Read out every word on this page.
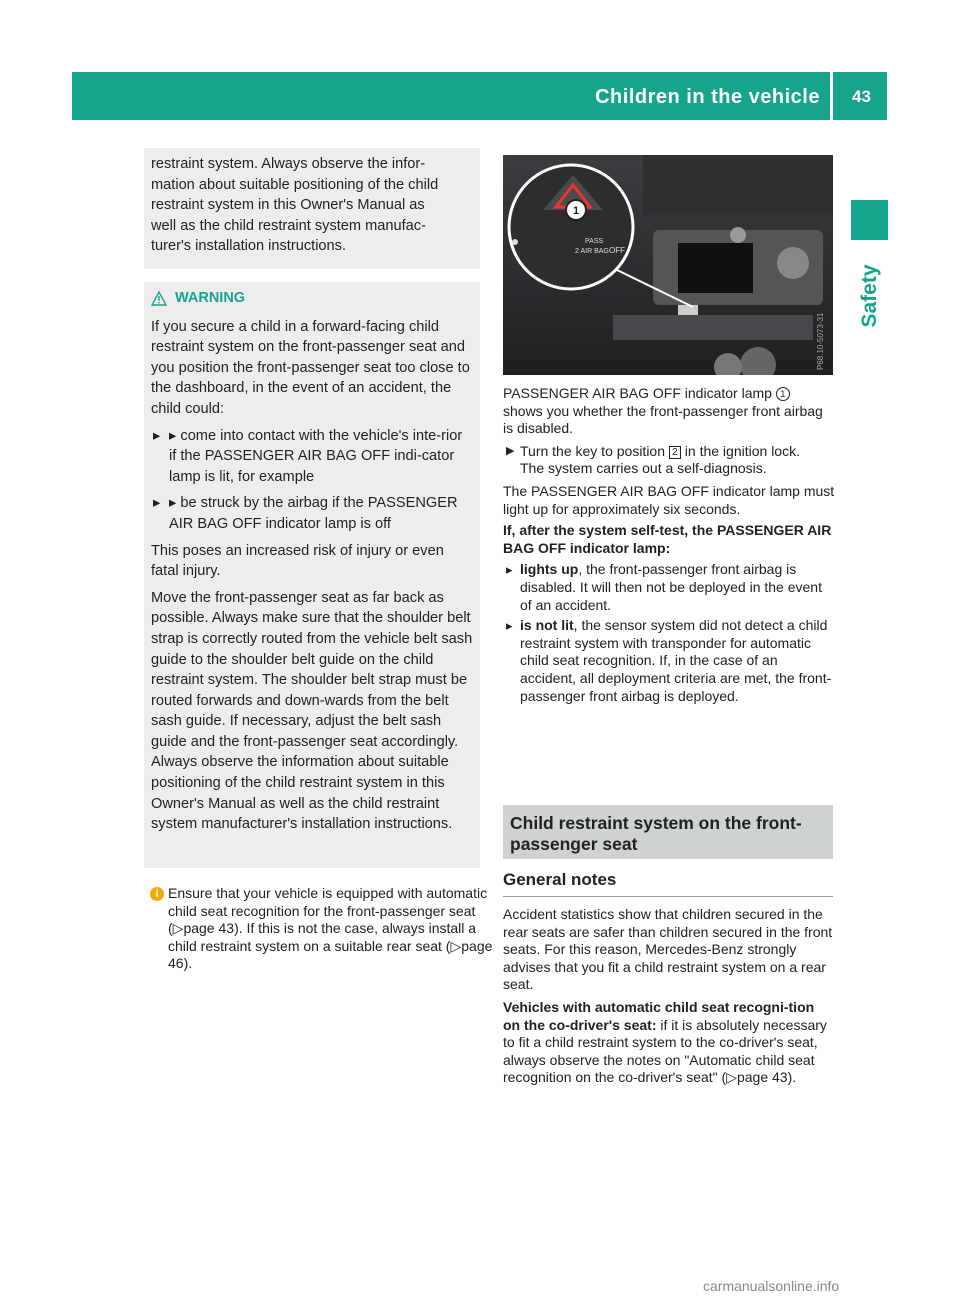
Children in the vehicle	43
Safety

restraint system. Always observe the infor-
mation about suitable positioning of the child
restraint system in this Owner's Manual as
well as the child restraint system manufac-
turer's installation instructions.

WARNING

If you secure a child in a forward-facing child restraint system on the front-passenger seat and you position the front-passenger seat too close to the dashboard, in the event of an accident, the child could:

▸ ▸ come into contact with the vehicle's inte-rior if the PASSENGER AIR BAG OFF indi-cator lamp is lit, for example

▸ ▸ be struck by the airbag if the PASSENGER AIR BAG OFF indicator lamp is off

This poses an increased risk of injury or even fatal injury.

Move the front-passenger seat as far back as possible. Always make sure that the shoulder belt strap is correctly routed from the vehicle belt sash guide to the shoulder belt guide on the child restraint system. The shoulder belt strap must be routed forwards and down-wards from the belt sash guide. If necessary, adjust the belt sash guide and the front-passenger seat accordingly. Always observe the information about suitable positioning of the child restraint system in this Owner's Manual as well as the child restraint system manufacturer's installation instructions.

i Ensure that your vehicle is equipped with automatic child seat recognition for the front-passenger seat (▷page 43). If this is not the case, always install a child restraint system on a suitable rear seat (▷page 46).
P68.10-5073-31
1
PASS
2 AIR BAG OFF

PASSENGER AIR BAG OFF indicator lamp 1
shows you whether the front-passenger front airbag is disabled.

▶ Turn the key to position 2 in the ignition lock.
The system carries out a self-diagnosis.

The PASSENGER AIR BAG OFF indicator lamp must light up for approximately six seconds.

If, after the system self-test, the PASSENGER AIR BAG OFF indicator lamp:

▸ lights up, the front-passenger front airbag is disabled. It will then not be deployed in the event of an accident.
▸ is not lit, the sensor system did not detect a child restraint system with transponder for automatic child seat recognition. If, in the case of an accident, all deployment criteria are met, the front-passenger front airbag is deployed.
Child restraint system on the front-passenger seat
General notes

Accident statistics show that children secured in the rear seats are safer than children secured in the front seats. For this reason, Mercedes-Benz strongly advises that you fit a child restraint system on a rear seat.

Vehicles with automatic child seat recogni-tion on the co-driver's seat: if it is absolutely necessary to fit a child restraint system to the co-driver's seat, always observe the notes on "Automatic child seat recognition on the co-driver's seat" (▷page 43).

carmanualsonline.info
